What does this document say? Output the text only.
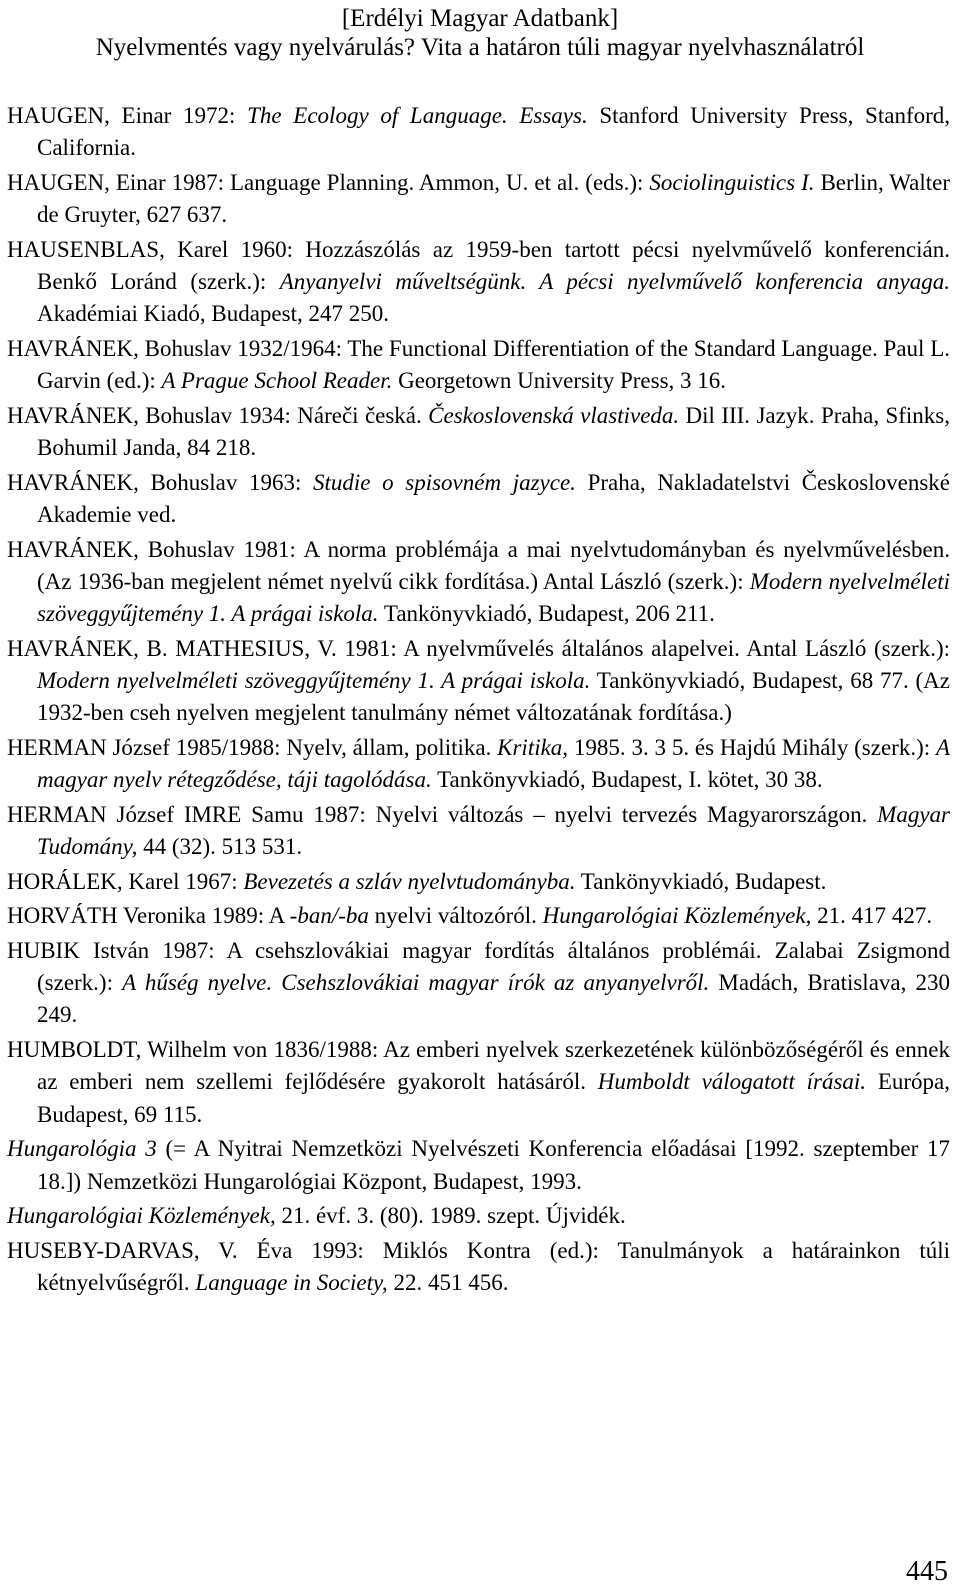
[Erdélyi Magyar Adatbank]
Nyelvmentés vagy nyelvárulás? Vita a határon túli magyar nyelvhasználatról

HAUGEN, Einar 1972: The Ecology of Language. Essays. Stanford University Press, Stanford, California.

HAUGEN, Einar 1987: Language Planning. Ammon, U. et al. (eds.): Sociolinguistics I. Berlin, Walter de Gruyter, 627 637.

HAUSENBLAS, Karel 1960: Hozzászólás az 1959-ben tartott pécsi nyelvművelő konferencián. Benkő Loránd (szerk.): Anyanyelvi műveltségünk. A pécsi nyelvművelő konferencia anyaga. Akadémiai Kiadó, Budapest, 247 250.

HAVRÁNEK, Bohuslav 1932/1964: The Functional Differentiation of the Standard Language. Paul L. Garvin (ed.): A Prague School Reader. Georgetown University Press, 3 16.

HAVRÁNEK, Bohuslav 1934: Náreči česká. Československá vlastiveda. Dil III. Jazyk. Praha, Sfinks, Bohumil Janda, 84 218.

HAVRÁNEK, Bohuslav 1963: Studie o spisovném jazyce. Praha, Nakladatelstvi Československé Akademie ved.

HAVRÁNEK, Bohuslav 1981: A norma problémája a mai nyelvtudományban és nyelvművelésben. (Az 1936-ban megjelent német nyelvű cikk fordítása.) Antal László (szerk.): Modern nyelvelméleti szöveggyűjtemény 1. A prágai iskola. Tankönyvkiadó, Budapest, 206 211.

HAVRÁNEK, B. MATHESIUS, V. 1981: A nyelvművelés általános alapelvei. Antal László (szerk.): Modern nyelvelméleti szöveggyűjtemény 1. A prágai iskola. Tankönyvkiadó, Budapest, 68 77. (Az 1932-ben cseh nyelven megjelent tanulmány német változatának fordítása.)

HERMAN József 1985/1988: Nyelv, állam, politika. Kritika, 1985. 3. 3 5. és Hajdú Mihály (szerk.): A magyar nyelv rétegződése, táji tagolódása. Tankönyvkiadó, Budapest, I. kötet, 30 38.

HERMAN József IMRE Samu 1987: Nyelvi változás – nyelvi tervezés Magyarországon. Magyar Tudomány, 44 (32). 513 531.

HORÁLEK, Karel 1967: Bevezetés a szláv nyelvtudományba. Tankönyvkiadó, Budapest.

HORVÁTH Veronika 1989: A -ban/-ba nyelvi változóról. Hungarológiai Közlemények, 21. 417 427.

HUBIK István 1987: A csehszlovákiai magyar fordítás általános problémái. Zalabai Zsigmond (szerk.): A hűség nyelve. Csehszlovákiai magyar írók az anyanyelvről. Madách, Bratislava, 230 249.

HUMBOLDT, Wilhelm von 1836/1988: Az emberi nyelvek szerkezetének különbözőségéről és ennek az emberi nem szellemi fejlődésére gyakorolt hatásáról. Humboldt válogatott írásai. Európa, Budapest, 69 115.

Hungarológia 3 (= A Nyitrai Nemzetközi Nyelvészeti Konferencia előadásai [1992. szeptember 17 18.]) Nemzetközi Hungarológiai Központ, Budapest, 1993.

Hungarológiai Közlemények, 21. évf. 3. (80). 1989. szept. Újvidék.

HUSEBY-DARVAS, V. Éva 1993: Miklós Kontra (ed.): Tanulmányok a határainkon túli kétnyelvűségről. Language in Society, 22. 451 456.

445
